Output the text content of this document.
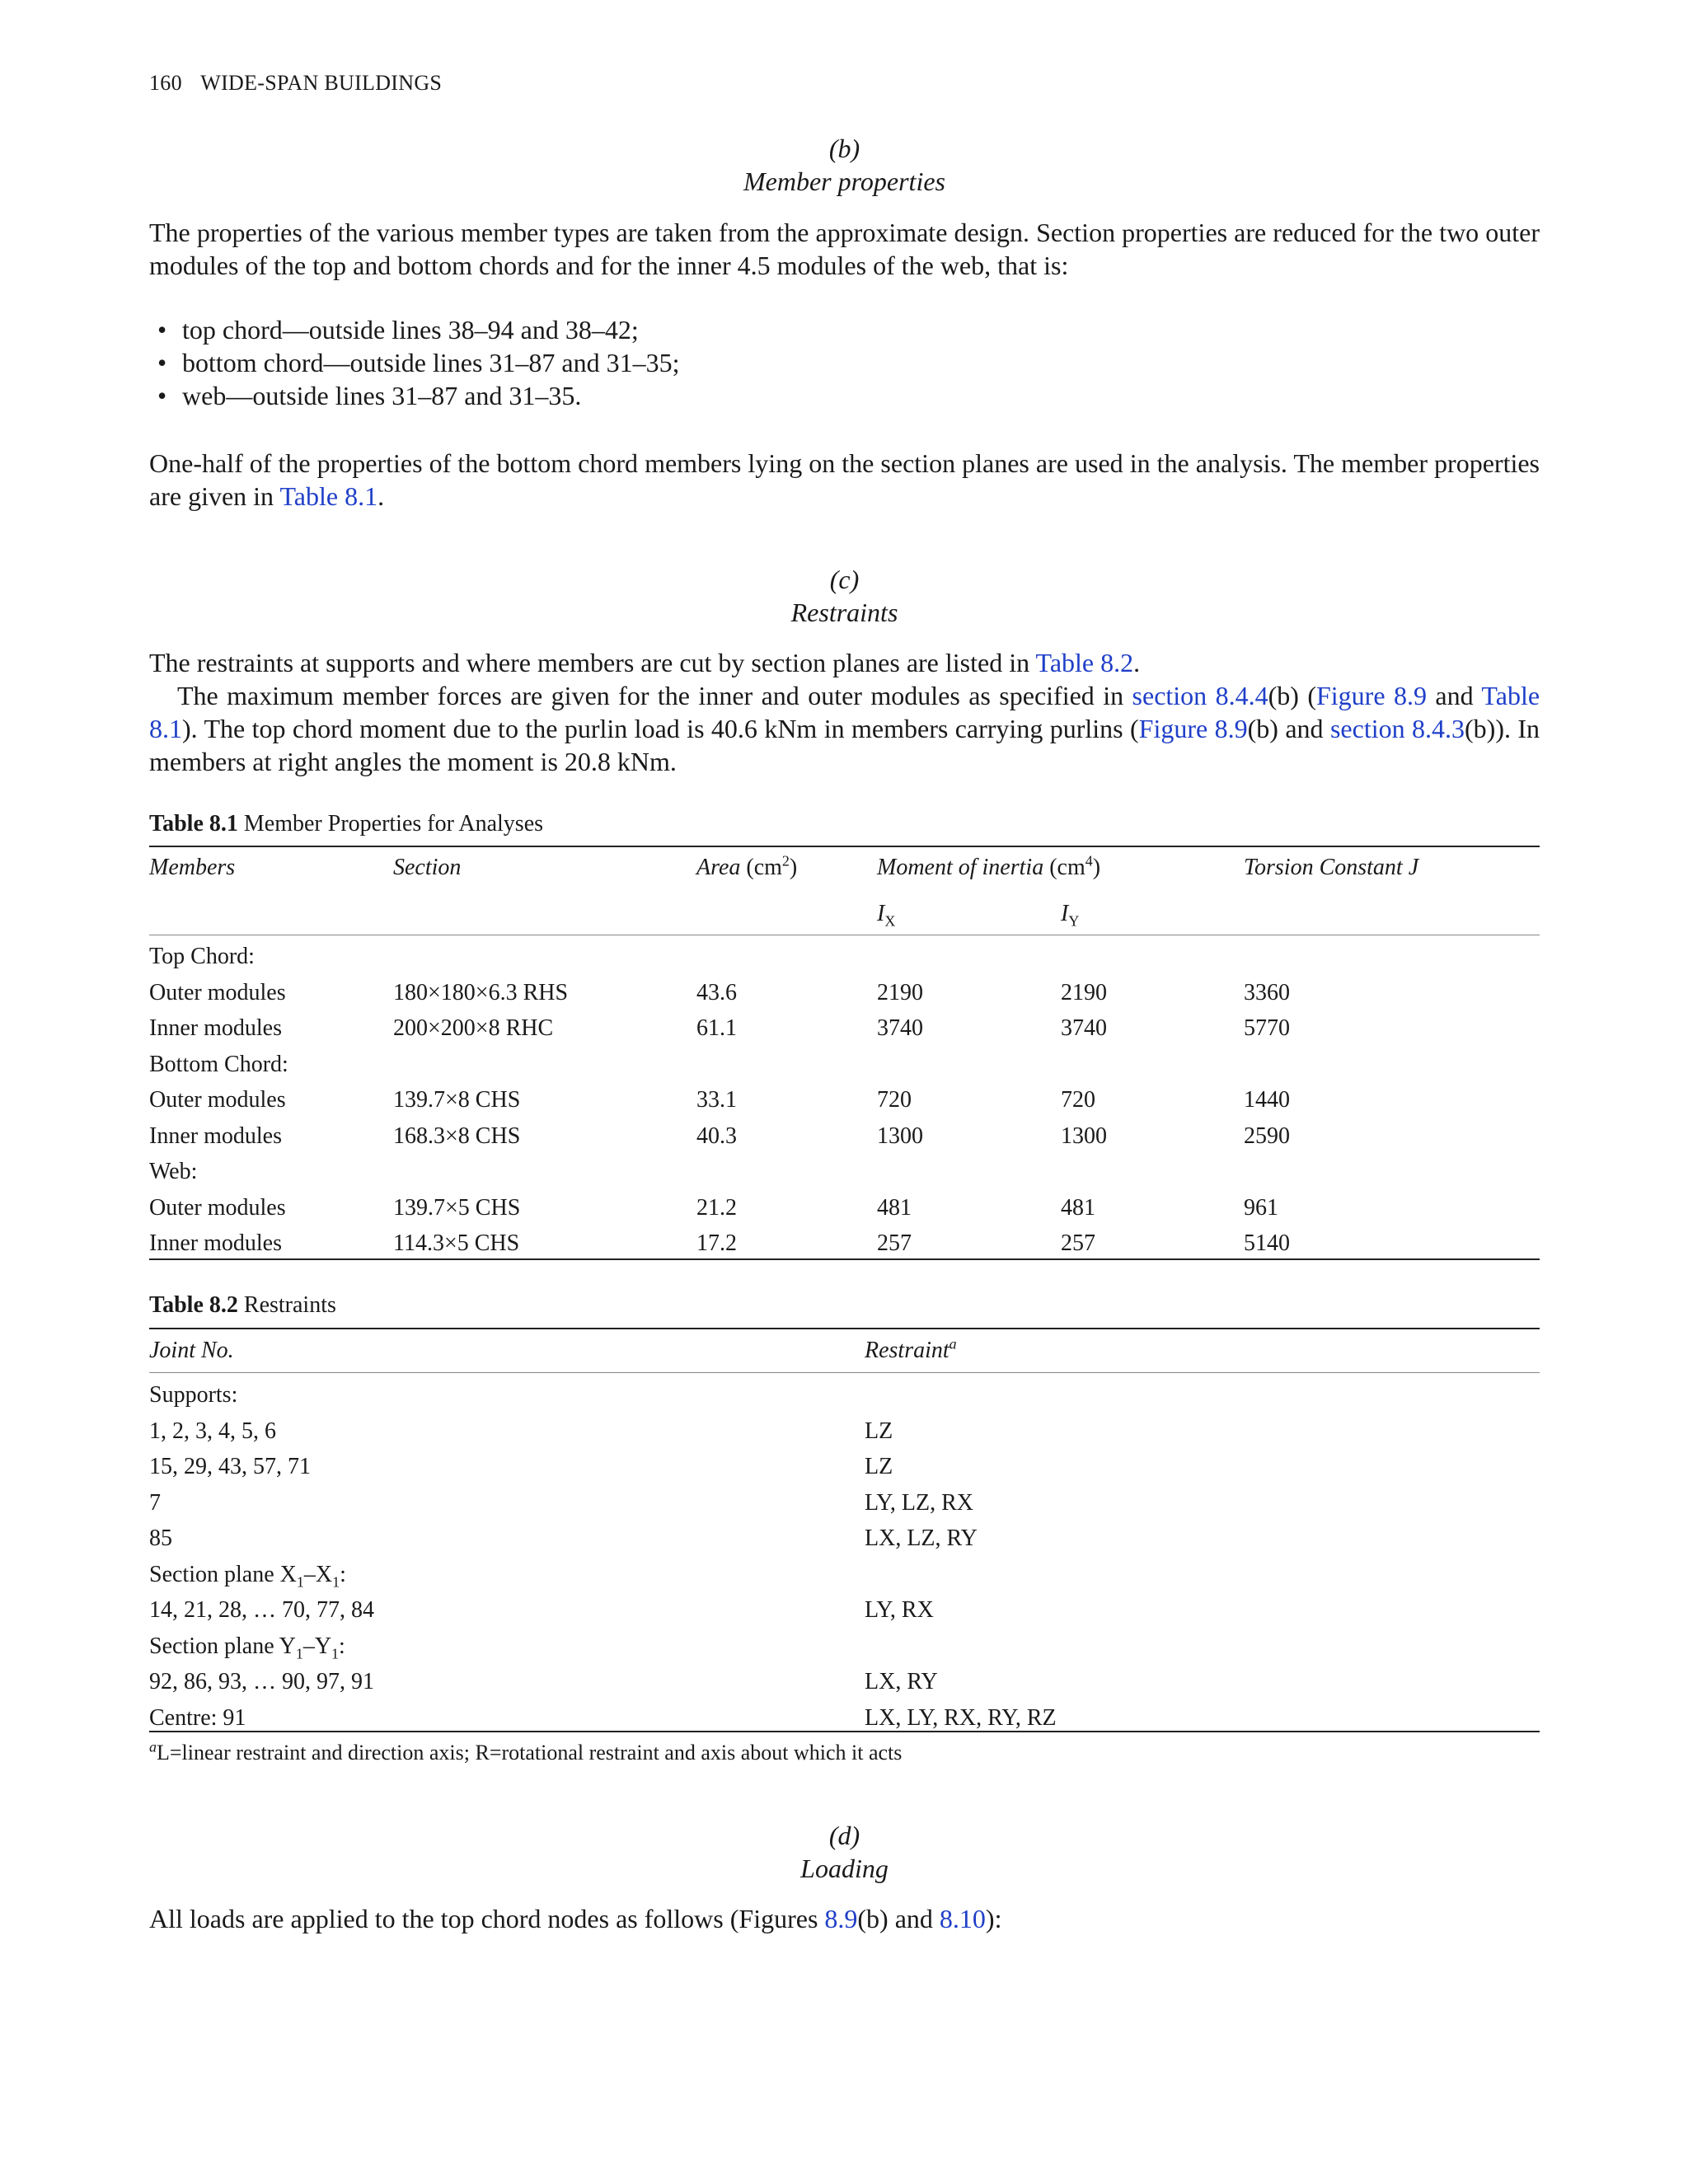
160 WIDE-SPAN BUILDINGS
(b)
Member properties
The properties of the various member types are taken from the approximate design. Section properties are reduced for the two outer modules of the top and bottom chords and for the inner 4.5 modules of the web, that is:
• top chord—outside lines 38–94 and 38–42;
• bottom chord—outside lines 31–87 and 31–35;
• web—outside lines 31–87 and 31–35.
One-half of the properties of the bottom chord members lying on the section planes are used in the analysis. The member properties are given in Table 8.1.
(c)
Restraints
The restraints at supports and where members are cut by section planes are listed in Table 8.2.
The maximum member forces are given for the inner and outer modules as specified in section 8.4.4(b) (Figure 8.9 and Table 8.1). The top chord moment due to the purlin load is 40.6 kNm in members carrying purlins (Figure 8.9(b) and section 8.4.3(b)). In members at right angles the moment is 20.8 kNm.
Table 8.1 Member Properties for Analyses
Members	Section	Area $(cm^2)$	Moment of inertia $(cm^4)$	Torsion Constant J
$I_X$	$I_Y$
Top Chord:
Outer modules	180×180×6.3 RHS	43.6	2190	2190	3360
Inner modules	200×200×8 RHC	61.1	3740	3740	5770
Bottom Chord:
Outer modules	139.7×8 CHS	33.1	720	720	1440
Inner modules	168.3×8 CHS	40.3	1300	1300	2590
Web:
Outer modules	139.7×5 CHS	21.2	481	481	961
Inner modules	114.3×5 CHS	17.2	257	257	5140
Table 8.2 Restraints
Joint No.	Restraint$^a$
Supports:
1, 2, 3, 4, 5, 6	LZ
15, 29, 43, 57, 71	LZ
7	LY, LZ, RX
85	LX, LZ, RY
Section plane $X_1-X_1$:
14, 21, 28, … 70, 77, 84	LY, RX
Section plane $Y_1-Y_1$:
92, 86, 93, … 90, 97, 91	LX, RY
Centre: 91	LX, LY, RX, RY, RZ
$^a$L=linear restraint and direction axis; R=rotational restraint and axis about which it acts
(d)
Loading
All loads are applied to the top chord nodes as follows (Figures 8.9(b) and 8.10):
